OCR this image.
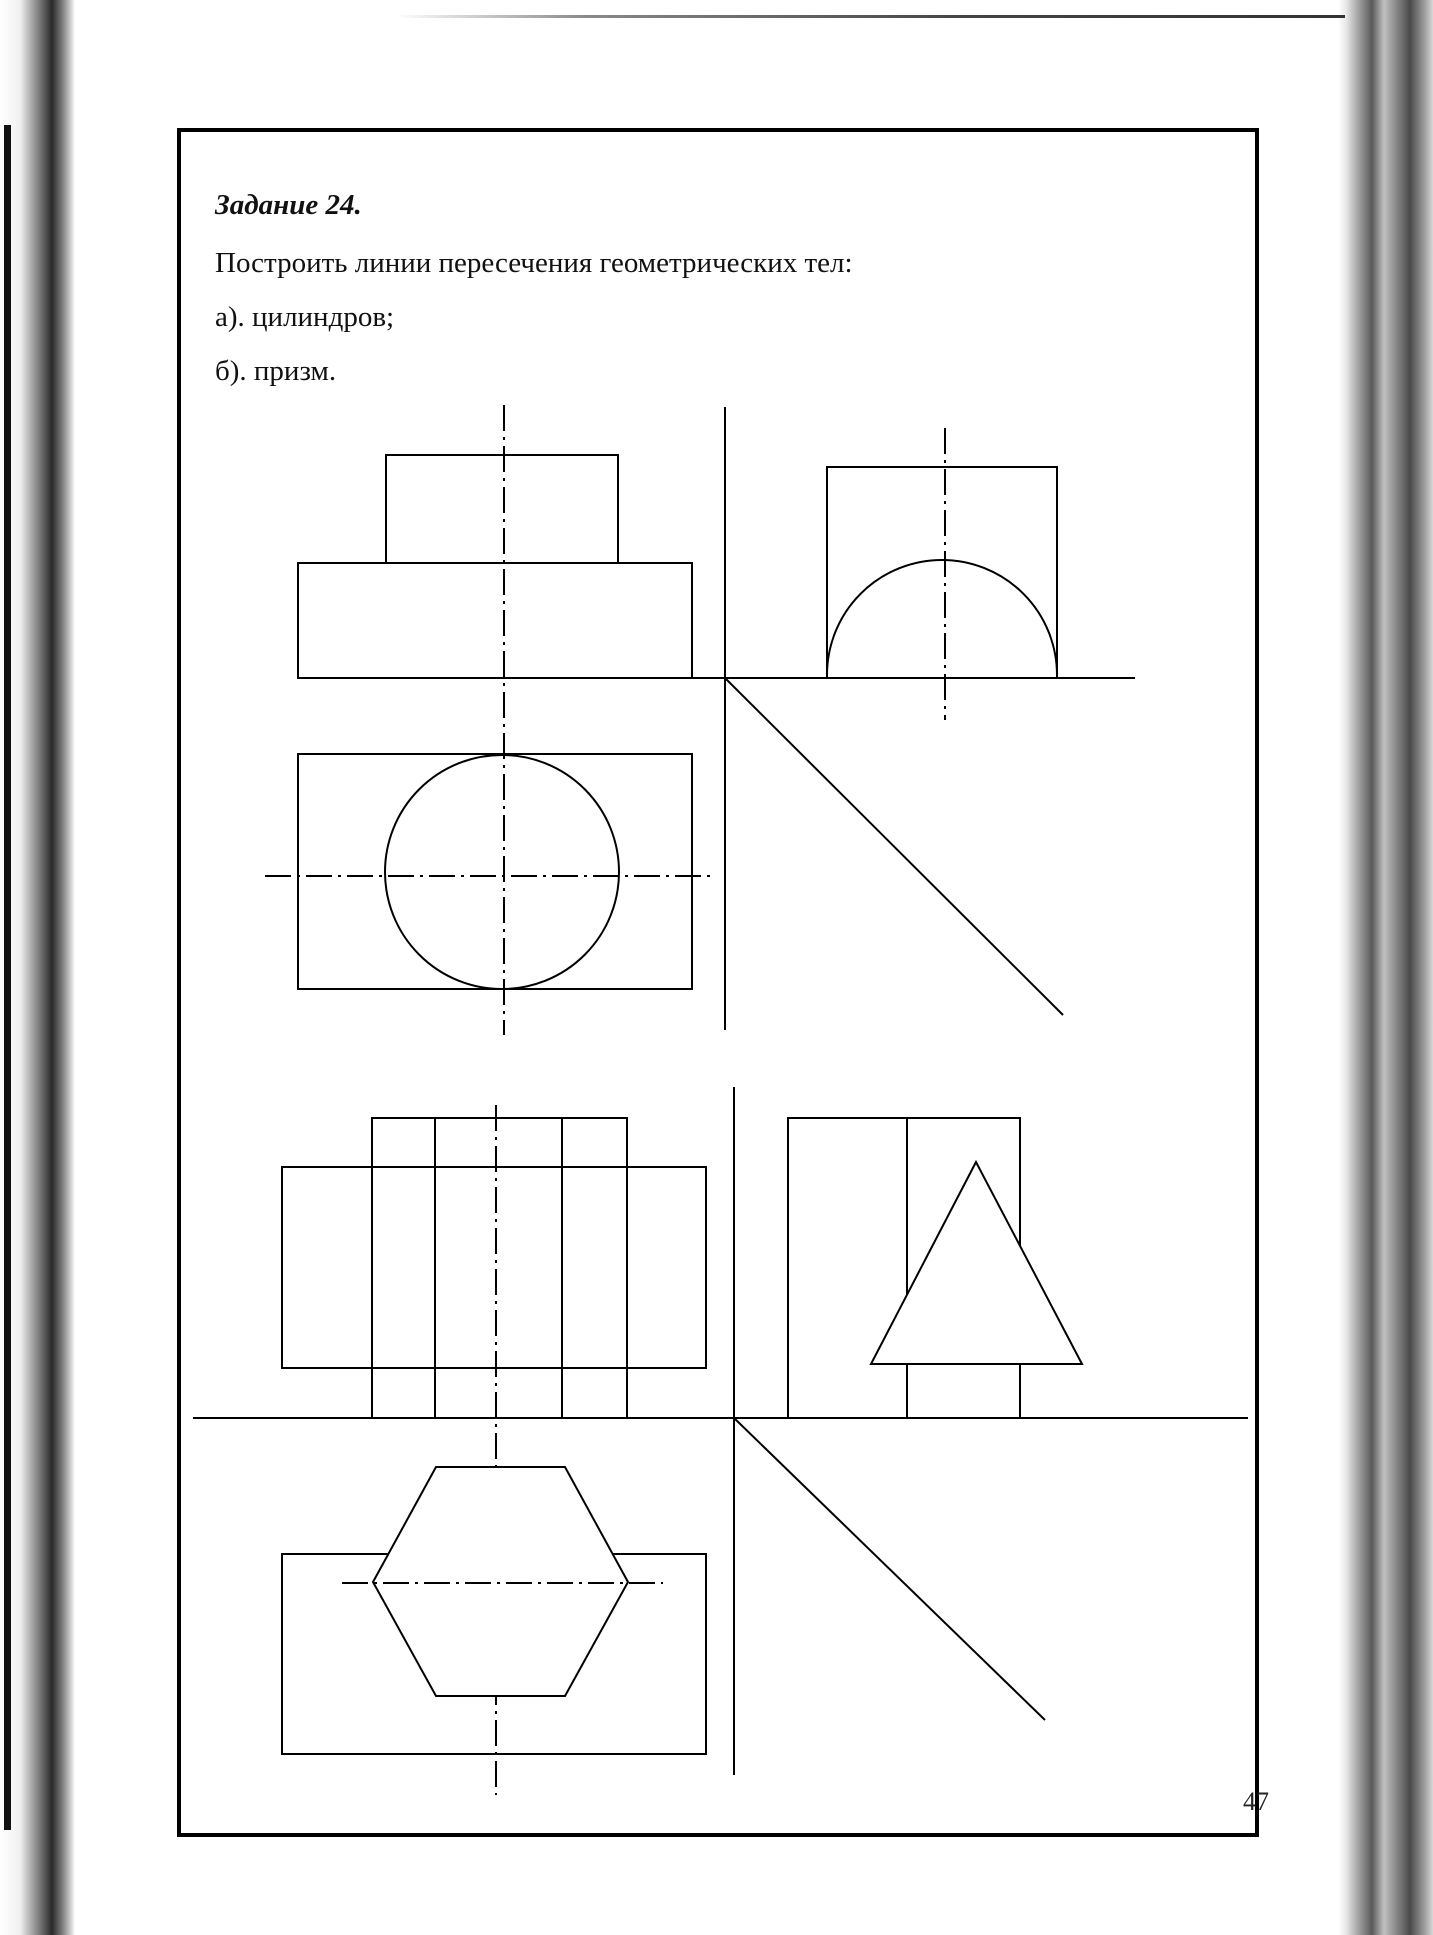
Задание 24.

Построить линии пересечения геометрических тел:

а). цилиндров;

б). призм.

47
